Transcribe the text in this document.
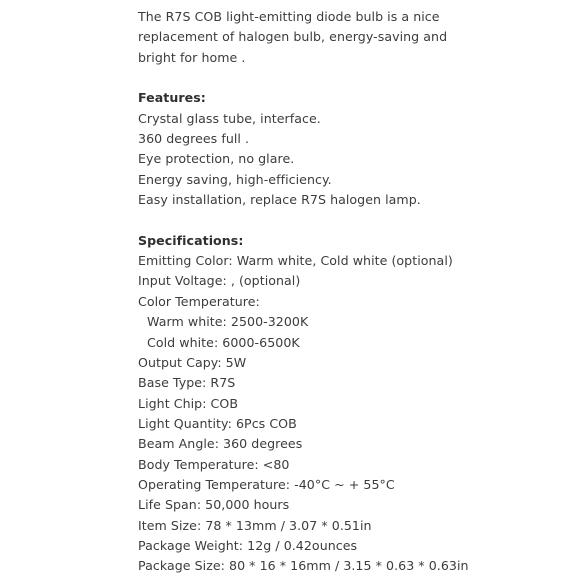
The R7S COB light-emitting diode bulb is a nice
replacement of halogen bulb, energy-saving and
bright for home .
Features:
Crystal glass tube, interface.
360 degrees full .
Eye protection, no glare.
Energy saving, high-efficiency.
Easy installation, replace R7S halogen lamp.
Specifications:
Emitting Color: Warm white, Cold white (optional)
Input Voltage: , (optional)
Color Temperature:
Warm white: 2500-3200K
Cold white: 6000-6500K
Output Capy: 5W
Base Type: R7S
Light Chip: COB
Light Quantity: 6Pcs COB
Beam Angle: 360 degrees
Body Temperature: <80
Operating Temperature: -40°C ~ + 55°C
Life Span: 50,000 hours
Item Size: 78 * 13mm / 3.07 * 0.51in
Package Weight: 12g / 0.42ounces
Package Size: 80 * 16 * 16mm / 3.15 * 0.63 * 0.63in
